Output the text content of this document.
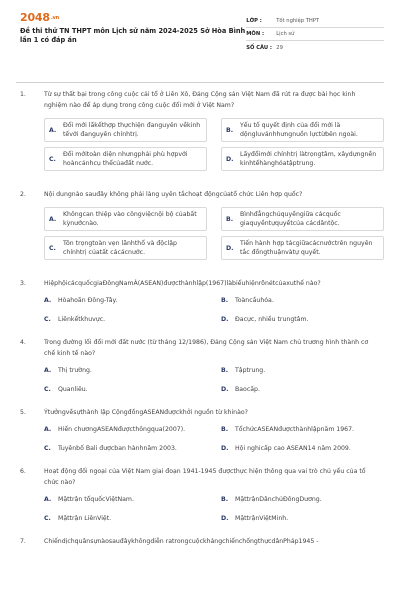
2048.vn
Đề thi thử TN THPT môn Lịch sử năm 2024-2025 Sở Hòa Bình lần 1 có đáp án
LỚP :	Tốt nghiệp THPT
MÔN :	Lịch sử
SỐ CÂU : 29
1.	Từ sự thất bại trong công cuộc cải tổ ở Liên Xô, Đảng Cộng sản Việt Nam đã rút ra được bài học kinh nghiệm nào để áp dụng trong công cuộc đổi mới ở Việt Nam?
A.
Đổi mới lấkếthợp thựchiện đanguyên vềkinh tếvới đanguyên chínhtrị.
B.
Yếu tố quyết định của đổi mới là dộngluvánhhưngnuồn lựctừbên ngoài.
C.
Đổi mớitoàn diện nhưngphải phù hợpvới hoàncảnhcụ thểcủađất nước.
D.
Lấyđổimới chínhtrị làtrọngtâm, xâydựngnền kinhtếhànghóatậptrung.
2.	Nội dungnào sauđây không phải làng uyên tắchoạt độngcủatổ chức Liên hợp quốc?
A.
Khôngcan thiệp vào côngviệcnội bộ củabất kỳnướcnào.
B.
Bìnhđẳngchủquyềngiữa cácquốc giaquyềntựquyếtcủa cácdântộc.
C.
Tôn trọngtoàn vẹn lãnhthổ và độclập chínhtrị củatất cácácnước.
D.
Tiến hành hợp tácgiữacácnướctrên nguyên tắc đồngthuậnvàtự quyết.
3.	HiệphộicácquốcgiaĐôngNamÁ(ASEAN)đượcthànhlập(1967)làbiểuhiệnrõnétcủaxuthế nào?
A.	Hòahoãn Đông-Tây.	B.	Toàncầuhóa.
C.	Liênkếtkhuvực.	D.	Đacực, nhiều trungtâm.
4.	Trong đường lối đổi mới đất nước (từ tháng 12/1986), Đảng Cộng sản Việt Nam chủ trương hình thành cơ chế kinh tế nào?
A.	Thị trường.	B.	Tậptrung.
C.	Quanliêu.	D.	Baocấp.
5.	Ýtưởngvềsựthành lập CộngđồngASEANđượckhởi nguồn từ khinào?
A.	Hiến chươngASEANđượcthôngqua(2007).	B.	TổchứcASEANđượcthànhlậpnăm 1967.
C.	Tuyênbố Bali đượcban hànhnăm 2003.	D.	Hội nghicấp cao ASEAN14 năm 2009.
6.	Hoạt động đối ngoại của Việt Nam giai đoạn 1941-1945 đượcthực hiện thông qua vai trò chủ yếu của tổ chức nào?
A.	Mặttrận tổquốcViệtNam.	B.	MặttrậnDânchủĐôngDương.
C.	Mặttrận LiênViệt.	D.	MặttrậnViệtMinh.
7.	Chiếndịchquânsựnàosauđâykhôngdiễn ratrongcuộckhángchiếnchốngthựcdânPháp1945 -
